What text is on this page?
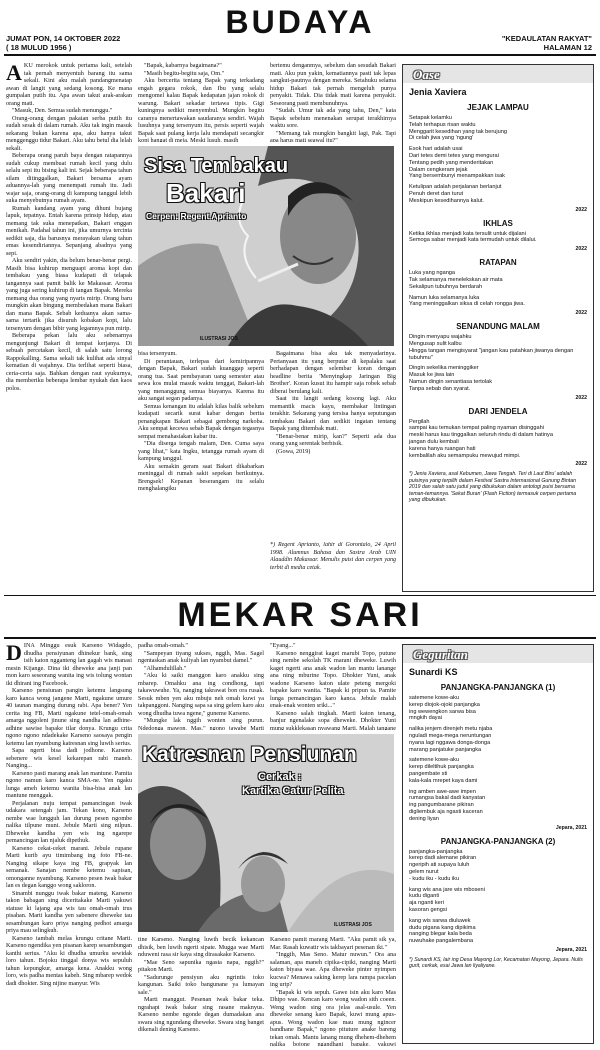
JUMAT PON, 14 OKTOBER 2022
( 18 MULUD 1956 )
BUDAYA	"KEDAULATAN RAKYAT"
HALAMAN 12
A KU merokok untuk pertama kali, setelah tak pernah menyentuh barang itu sama sekali. Kini aku malah pandangmenatap awan di langit yang sedang kosong. Ke mana gumpalan putih itu. Apa awan takut arak-arakan orang mati.

"Masuk, Den. Semua sudah menunggu."

Orang-orang dengan pakaian serba putih itu sudah sesak di dalam rumah. Aku tak ingin masuk sekarang bukan karena apa, aku hanya takut menggenggu tidur Bakari. Aku tahu betul dia lelah sekali.

Beberapa orang paruh baya dengan ratapannya sudah cukup membuat rumah kecil yang dulu selalu sepi itu bising kali ini. Sejak beberapa tahun silam ditinggalkan, Bakari bersama ayam aduannya-lah yang menempati rumah itu. Jadi wajar saja, orang-orang di kampung tanggul lebih suka menyebutnya rumah ayam.

Rumah kandang ayam yang dihuni bujang lapuk, tepatnya. Entah karena prinsip hidup, atau memang tak suka menepatkan, Bakari enggan menikah. Padahal tahun ini, jika umurnya tercinta sedikit saja, dia barusnya merayakan ulang tahun emas kesendiriannya. Sepanjang abadnya yang sepi.

Aku sendiri yakin, dia belum benar-benar pergi. Masih bisa kuhirup menguapi aroma kopi dan tembakau yang biasa kudapati di telapak tangannya saat pamit balik ke Makassar. Aroma yang juga sering kuhirup di tangan Bapak. Mereka memang dua orang yang nyaris mirip. Orang baru mungkin akan bingung membedakan mana Bakari dan mana Bapak. Sebab keduanya akan sama-sama tertarik jika disuruh kobakan kopi, lalu tersenyum dengan bibir yang legamnya pun mirip.

Beberapa pekan lalu aku sebenarnya mengunjungi Bakari di tempat kerjanya. Di sebuah percetakan kecil, di salah satu lorong Rappokalling. Sama sekali tak kulihat ada sinyal kematian di wajahnya. Dia terlihat seperti biasa, ceria-ceria saja. Bahkan dengan raut syukurnya, dia memberiku beberapa lembar nyukah dan kaos polos.

"Bapak, kabarnya bagaimana?"

"Masih begitu-begitu saja, Om."

Aku bercerita tentang Bapak yang terkadang engah gegara rokok, dan Ibu yang selalu mengomel kalau Bapak kedapatan jajan rokok di warung. Bakari sekadar tertawa tipis. Gigi kuningnya sedikit menyembul. Mungkin begitu caranya menertawakan saudaranya sendiri. Wajah lusuhnya yang tersenyum itu, persis seperti wajah Bapak saat pulang kerja lalu mendapati secangkir kopi hangat di meja. Meski lusuh, masih

Sisa Tembakau
Bakari
Cerpen: Regent Aprianto
ILUSTRASI JOS

bisa tersenyum.

Di perantauan, terlepas dari kemiripannya dengan Bapak, Bakari sudah kuanggap seperti orang tua. Saat pembayaran uang semester atau sewa kos mulai masuk waktu tenggat, Bakari-lah yang menanggung semua biayanya. Karena itu aku sangat segan padanya.

Semua kenangan itu adalah kilas balik sebelum kudapati secarik surat kabar dengan berita penangkapan Bakari sebagai gembong narkoba. Aku sempat kecewa sebab Bapak dengan tegasnya sempat menahasiakan kabar itu.

"Dia diserga tengah malam, Den. Cuma saya yang lihat," kata Ingku, tetangga rumah ayam di kampung tanggul.

Aku semakin geram saat Bakari dikabarkan meninggal di rumah sakit sepekan berikutnya. Brengsek! Kepanan beserangam itu selalu menghalangiku

bertemu denganmya, sebelum dan sesudah Bakari mati. Aku pun yakin, kematiannya pasti tak lepas sangkut-pautnya dengan mereka. Setahuku selama hidup Bakari tak pernah mengeluh punya penyakit. Tidak. Dia tidak mati karena penyakit. Seseorang pasti membunuhnya.

"Sudah. Umur tak ada yang tahu, Den," kata Bapak sebelum menenakan serupat terakhirnya waktu sore.

"Memang tak mungkin bangkit lagi, Pak. Tapi apa harus mati seawal itu?"

Bagaimana bisa aku tak menyadarinya. Pertanyaan itu yang berputar di kepalaku saat berhadapan dengan selembar koran dengan headline berita 'Menyingkap Jaringan Big Brother'. Koran kusut itu hampir saja robek sebab diberai berulang kali.

Saat itu langit sedang kosong lagi. Aku memantik macis kayu, membakar lintingan terakhir. Sekarang yang tersisa hanya seputungan tembakau Bakari dan sedikit ingatan tentang Bapak yang ditembak mati.

"Benar-benar mirip, kan?" Seperti ada dua orang yang serentak berbisik.

(Gowa, 2019)

*) Regent Aprianto, lahir di Gorontalo, 24 April 1998. Alumnus Bahasa dan Sastra Arab UIN Alauddin Makassar. Menulis puisi dan cerpen yang terbit di media cetak.
Oase
Jenia Xaviera
JEJAK LAMPAU
Setapak kelamku
Telah terhapus risan waktu
Menggarit kesedihan yang tak berujung
Di celah jiwa yang 'ngung'
Esok hari adalah usai
Dari tetes demi tetes yang mengurai
Tentang pedih yang menderitakan
Dalam cengkeram jejak
Yang bersembunyi menampakkan isak
Ketulipan adalah perjalanan berlanjut
Penuh deret dan turut
Meskipun kesedihannya kalut.
2022
IKHLAS
Ketika ikhlas menjadi kata tersulit untuk dijalani
Semoga sabar menjadi kata termudah untuk dilalui.
2022
RATAPAN
Luka yang nganga
Tak selamanya menelekskan air mata
Sekalipun tubuhnya berdarah
Namun luka selamanya luka
Yang meninggalkan siksa di celah rongga jiwa.
2022
SENANDUNG MALAM
Dingin menyapu wajahku
Mengusap sulit kalbu
Hingga tangan mengisyarat "jangan kau patahkan jiwanya dengan tubuhmu"
Dingin sekelika meninggiker
Masuk ke jiwa lain
Namun dingin senantiasa tertolak
Tanpa sebab dan syarat.
2022
DARI JENDELA
Pergilah
sampai kau temukan tempat paling nyaman disinggahi
meski harus kau tinggalkan seluruh rindu di dalam hatinya
jangan dulu kembali
karena hanya ruangan hati
kembalilah aku semampuku mewujud mimpi.
2022
*) Jenia Xaviera, asal Kebumen, Jawa Tengah. Teri di Laut Biru' adalah puisinya yang terpilih dalam Festival Sastra Internasional Gunung Bintan 2019 dan salah satu judul yang dibukukan dalam antologi puisi bersama teman-temannya. 'Sekat Buran' (Flash Fiction) termasuk cerpen pertama yang dibukukan.
MEKAR SARI
D INA Minggu esuk Karseno Widagdo, dhudha pensiyunan dhinekur bank, sing isih katon ngganteng lan gagah wis manasi mesin Kijange. Dina iki dheweke ana janji pan mon karo seseorang wanita ing wis tolung wontan iki dhirani ing Facebook.

Karseno pensiunan pangin ketemu langsung karo kanca wong jangene Marti, ngakune umure 40 taunan manging durung rabi. Apa bener? Yen cerita ing FB, Marti ngakune tetel-omah-omah amarga nggoleni jinune sing nandha lan adhine-adhine sawise bapake tilar donya. Krungu crita ngono ngono ndadekake Karseno saosaya pengin ketemu lan nyambung katresnan sing luwih serius.

Sapa ngerti bisa dadi jodhone. Karseno sebenere wis kesel kekarepan rabi maneh. Nanging...

Karseno pasti marang anak lan mantune. Pamita ngono namun karo kanca SMA-ne. Yen ngaku lunga ameh ketemu wanita bisa-bisa anak lan mantune menggak.

Perjalanan nuju tempat pamancingan iwak udakara setengah jam. Tekan kono, Karseno nembe wae lungguh lan durung pesen ngombe nalika tilpune muni. Jebule Marti sing nilpun. Dheweke kandha yen wis ing ngarepe pemancingan lan njaluk dipethuk.

Karseno cekat-ceket marani. Jebule rupane Marti kurib ayu timimbang ing foto FB-ne. Nanging sikape kaya ing FB, grapyak lan semanak. Sanajan nembe ketemu sapisan, omonganne nyambung. Karseno pesen iwak bakar lan es degan kanggo wong sakloron.

Sinambi nunggu iwak bakar mateng, Karseno takon babagan sing diceritakake Marti yakuwi statuse ki lajang apa wis tau omah-omah trus pisahan. Marti kandha yen sabenere dheweke tau sesambungan karo priya nanging pedhot amarga priya mau selingkuh.

Karseno tambah melas krungu critane Marti. Karseno ngendika yen pisanan karep sesambungan kanthi serius. "Aku ki dhudha umurku sewidak loro tahun. Bojoku tinggal donya wis sepuluh tahun kepungkur, amarga kena. Anakku wong loro, wis padha mentas kabeh. Sing mbarep wedok dadi dhokter. Sing nijine manyur. Wis

padha omah-omah."

"Sampeyan tiyang sukses, nggih, Mas. Sagel ngentaskan anak kuliyah lan nyambut damel."

"Alhamdulillah."

"Aku ki saiki manggon karo anakku sing mbarep. Omahku ana ing condhong, tapi takawuwuhe. Ya, nanging takrawat bon ora rusak. Sesuk mben yen aku mbuju neh omah kuwi ya takpanggoni. Nanging sapa sa sing gelem karo aku wong dhudha tuwa ngene," guneme Karseno.

"Mungke lak nggih wonten sing purun. Ndedonga mawon, Mas," ngono jawabe Marti

Katresnan Pensiunan
Cerkak :
Kartika Catur Pelita
ILUSTRASI JOS

tine Karseno. Nanging luwih becik kekancan dhisik, ben luwih ngerti sipate. Mugga wae Marti nduweni rasa sir kaya sing dirasakake Karseno.

"Mae Seno sapunika ngasta napa, nggih?" pitakon Marti.

"Sadurunge pensiyun aku ngrintis toko kangunan. Saiki toko bangunane ya lumayan sale."

Marti manggut. Pesenan iwak bakar teka. ngrahapi iwak bakar sing rasane maknyus. Karseno nembe ngonde degan dumadakan ana swara sing ngundang dheweke. Swara sing banget dikenali dening Karseno.

"Eyang..."

Karseno nenggirat kaget marubi Topo, putune sing nembe sekolah TK marani dheweke. Luwih kaget ngerti ana anak wadon lan mantu lanange ana ning mburine Topo. Dhokter Yuni, anak wadone Karseno katon ulate peteng mergoki bapake karo wanita. "Bapak ki pripun ta. Pamite lunga pemancingan karo kanca. Jebule malah enak-enak wonten sriki..."

Karseno salah tingkah. Marti katon tenang, banjur ngenalake sopa dheweke. Dhokter Yuni mung sukklekasan nyawang Marti. Malah tangane

Karseno pamit marang Marti. "Aku pamit sik ya, Mar. Rasah kuwatir wis takbayari pesenan iki."

"Inggih, Mas Seno. Matur nuwun." Ora ana salaman, apa maneh cipika-cipiki, nanging Marti katon biyasa wae. Apa dheweke pinter nyimpen kucwa? Menawa saking kerep lara rampa pacelan ing urip?

"Bapak ki wis sepuh. Gawe isin aku karo Mas Dhipo wae. Kencan karo wong wadon sith coeen. Weng wadon sing ora jelas asal-usule. Yen dheweke senang karo Bapak, kuwi mung apus-apus. Wong wadon kae mau mung ngincer bandhane Bapak," ngono pituture anake bareng tekan omah. Mantu lanang mung dhehem-dhehem nalika bojone ngandhani bapake, yakuwi

Geguritan
Sunardi KS
PANJANGKA-PANJANGKA (1)
satemene kowe-aku
kerep diojok-ojoki panjangka
ing wewengkon sarwa bisa
mngkih dayai
nalika jenjem direnjeh metu njaba
nguladi mega-mega neruntungan
nyana lagi nggawa donga-donga
marang panjatuke panjangka
satemene kowe-aku
kerep dileltihuk panjangka
pangembate sti
kala-kala mrepet kaya dami
ing amben awe-awe impen
rumangsa bakal dadi kanyatan
ing pangumbarane pikiran
digliembuk aja ngasti kaceran
dening liyan
Jepara, 2021
PANJANGKA-PANJANGKA (2)
panjangka-panjangka
kerep dadi alemane pikiran
ngeripih ati supaya luluh
gelem nurut
- kudu iku - kudu iku
kang wis ana jare wis mboseni
kudu diganti
aja nganti keri
kasoran gengsi
kang wis sarwa diuluwek
dudu pigana kang dipikima
nanging blegar kala beda
nuwuhake pangalembana
Jepara, 2021
*) Sunardi KS, lair ing Desa Mayong Lor, Kecamatan Mayong, Jepara. Nulis gurit, cerkak, esai Jawa lan liyaliyane.
